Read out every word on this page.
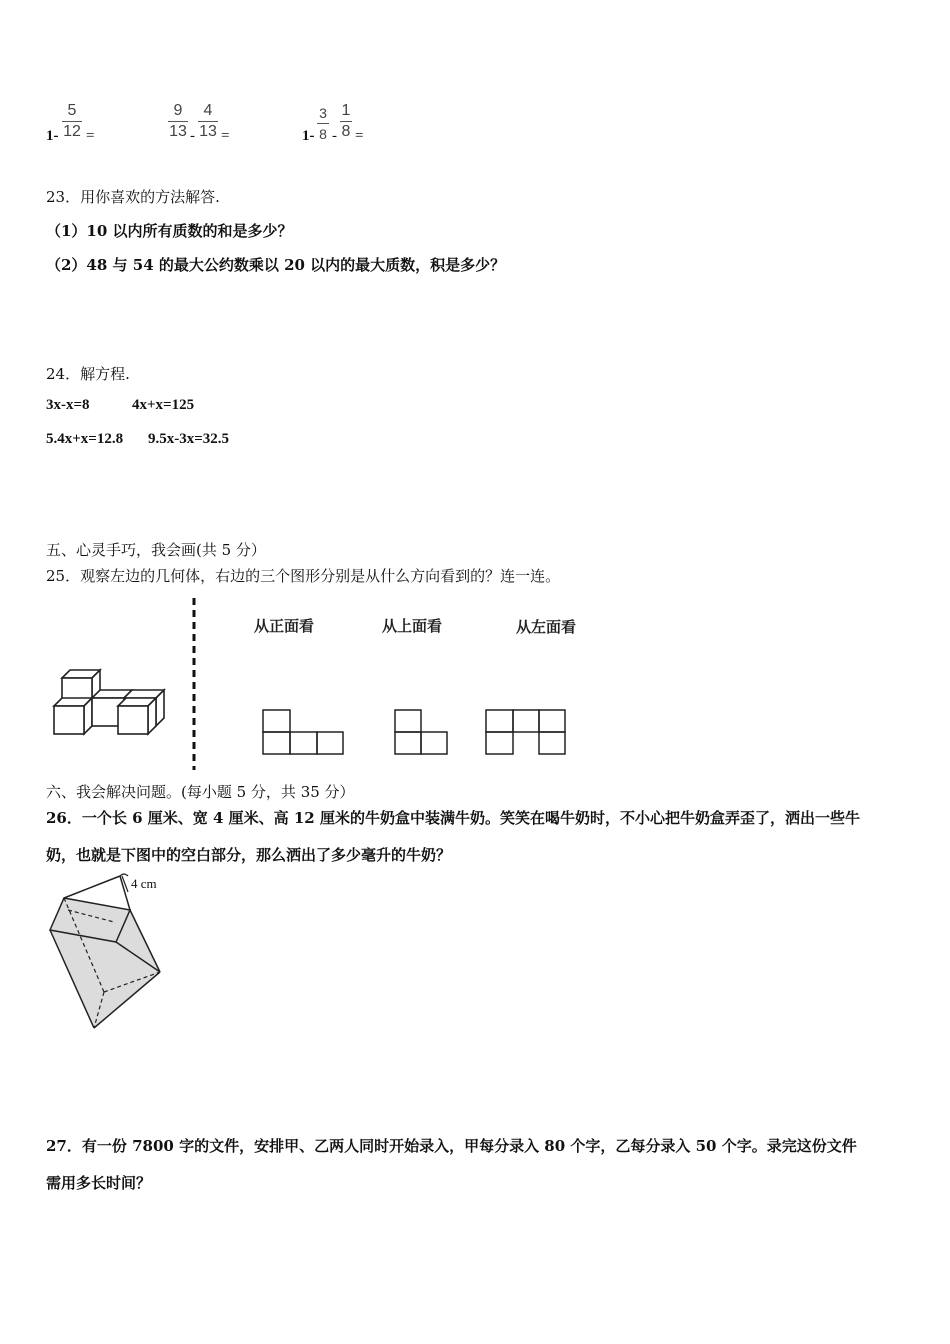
1-
5
12 =
9
13 -
4
13 =	1-
3
8 -
1
8 =
23．用你喜欢的方法解答.
（1）10 以内所有质数的和是多少？
（2）48 与 54 的最大公约数乘以 20 以内的最大质数，积是多少？
24．解方程.
3x-x=8	4x+x=125
5.4x+x=12.8 9.5x-3x=32.5
五、心灵手巧，我会画(共 5 分）
25．观察左边的几何体，右边的三个图形分别是从什么方向看到的？连一连。
从正面看	从上面看	从左面看
六、我会解决问题。(每小题 5 分，共 35 分）
26．一个长 6 厘米、宽 4 厘米、高 12 厘米的牛奶盒中装满牛奶。笑笑在喝牛奶时，不小心把牛奶盒弄歪了，洒出一些牛
奶，也就是下图中的空白部分，那么洒出了多少毫升的牛奶？
4 cm
27．有一份 7800 字的文件，安排甲、乙两人同时开始录入，甲每分录入 80 个字，乙每分录入 50 个字。录完这份文件
需用多长时间？
